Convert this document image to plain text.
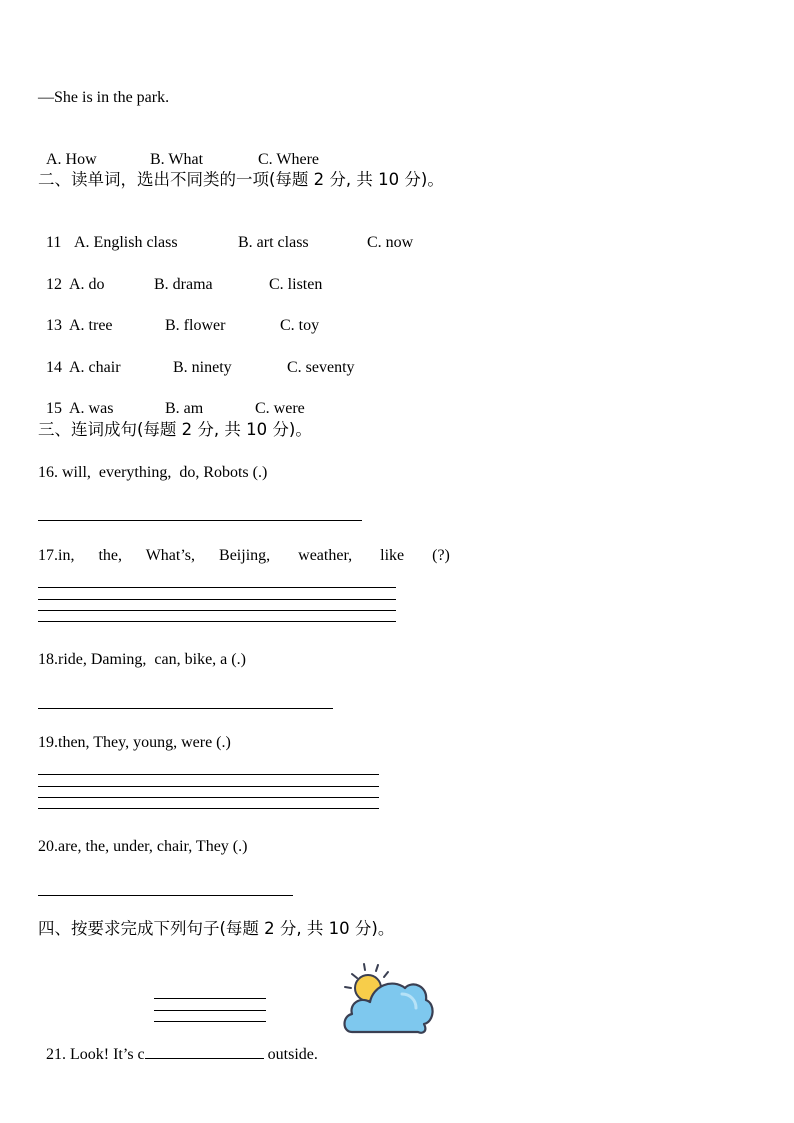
—She is in the park.

A. How	B. What	C. Where

二、读单词，选出不同类的一项(每题 2 分, 共 10 分)。

11 A. English class	B. art class	C. now

12 A. do	B. drama	C. listen

13 A. tree	B. flower	C. toy

14 A. chair	B. ninety	C. seventy

15 A. was	B. am	C. were

三、连词成句(每题 2 分, 共 10 分)。
16. will,  everything,  do, Robots (.)
17.in,      the,      What’s,      Beijing,       weather,       like       (?)
18.ride, Daming,  can, bike, a (.)
19.then, They, young, were (.)
20.are, the, under, chair, They (.)
四、按要求完成下列句子(每题 2 分, 共 10 分)。

21. Look! It’s c	outside.
